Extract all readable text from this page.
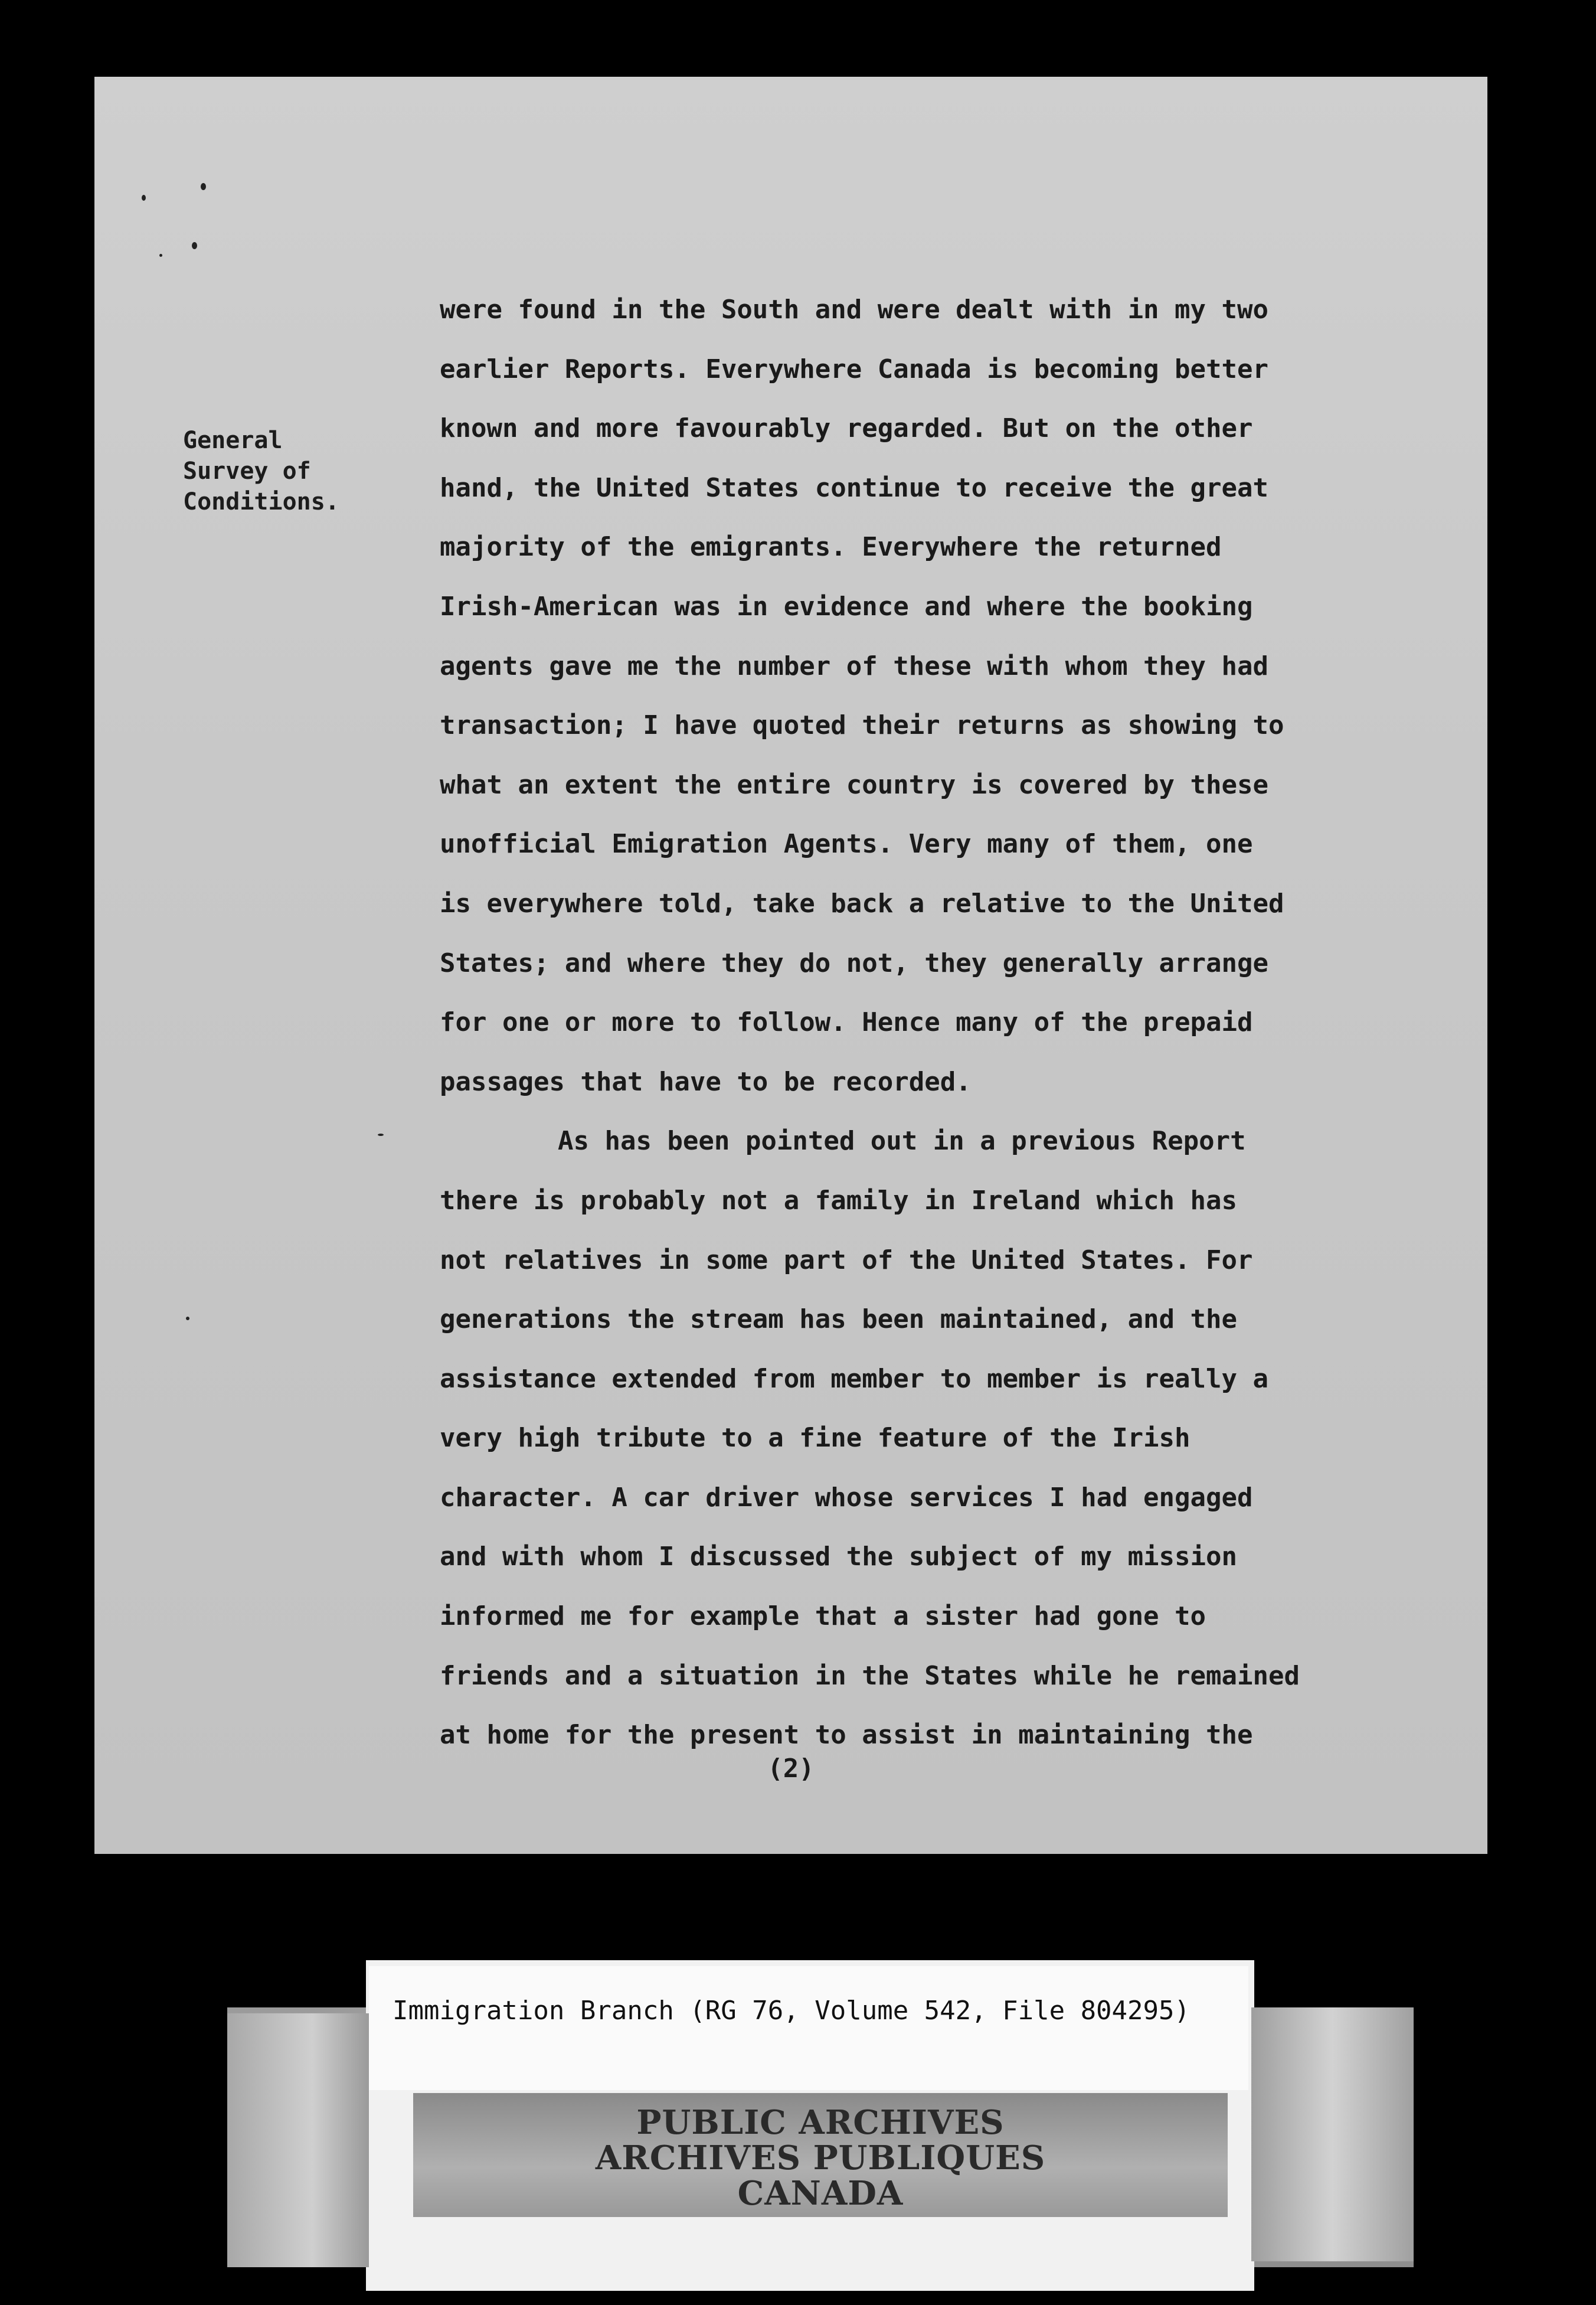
General
Survey of
Conditions.
were found in the South and were dealt with in my two
earlier Reports. Everywhere Canada is becoming better
known and more favourably regarded. But on the other
hand, the United States continue to receive the great
majority of the emigrants. Everywhere the returned
Irish-American was in evidence and where the booking
agents gave me the number of these with whom they had
transaction; I have quoted their returns as showing to
what an extent the entire country is covered by these
unofficial Emigration Agents. Very many of them, one
is everywhere told, take back a relative to the United
States; and where they do not, they generally arrange
for one or more to follow. Hence many of the prepaid
passages that have to be recorded.
As has been pointed out in a previous Report
there is probably not a family in Ireland which has
not relatives in some part of the United States. For
generations the stream has been maintained, and the
assistance extended from member to member is really a
very high tribute to a fine feature of the Irish
character. A car driver whose services I had engaged
and with whom I discussed the subject of my mission
informed me for example that a sister had gone to
friends and a situation in the States while he remained
at home for the present to assist in maintaining the
(2)
Immigration Branch (RG 76, Volume 542, File 804295)
PUBLIC ARCHIVES
ARCHIVES PUBLIQUES
CANADA
